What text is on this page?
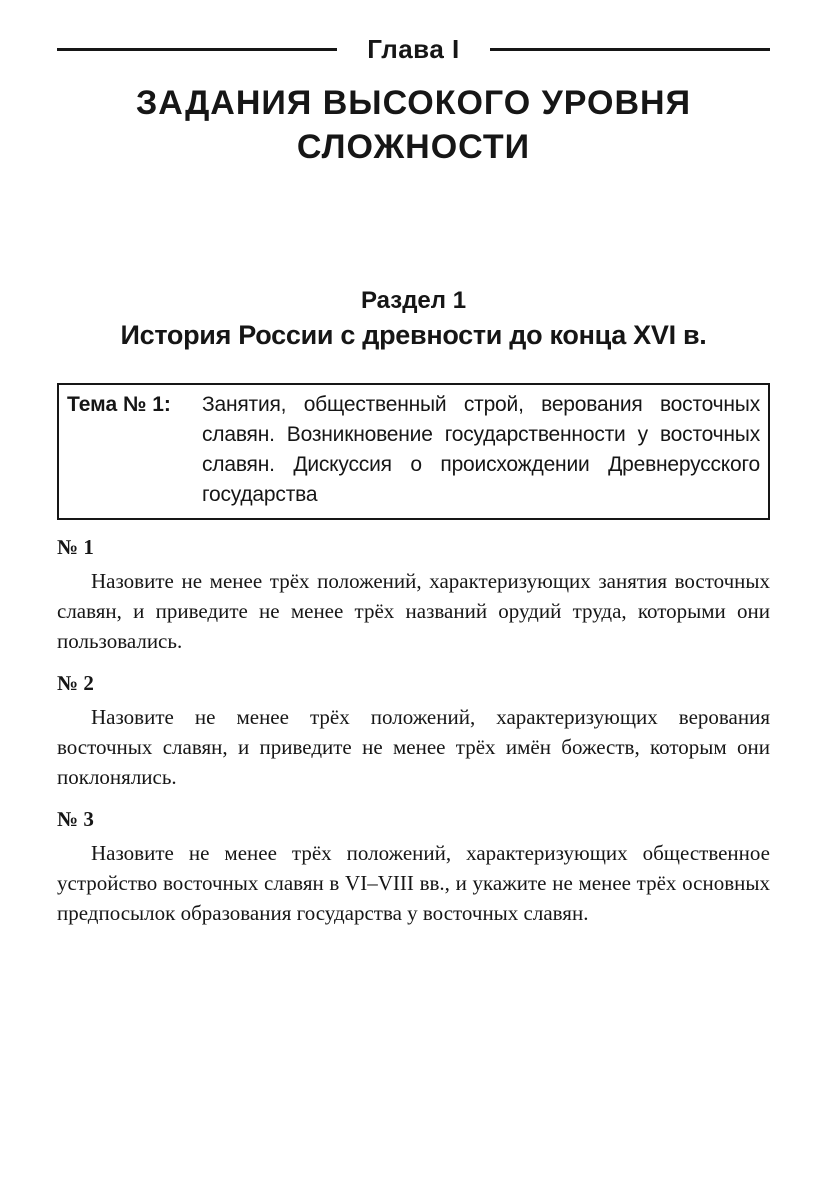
Глава I
ЗАДАНИЯ ВЫСОКОГО УРОВНЯ
СЛОЖНОСТИ
Раздел 1
История России с древности до конца XVI в.
Тема № 1:	Занятия, общественный строй, верования восточных славян. Возникновение государственности у восточных славян. Дискуссия о происхождении Древнерусского государства
№ 1

Назовите не менее трёх положений, характеризующих занятия восточных славян, и приведите не менее трёх названий орудий труда, которыми они пользовались.

№ 2

Назовите не менее трёх положений, характеризующих верования восточных славян, и приведите не менее трёх имён божеств, которым они поклонялись.

№ 3

Назовите не менее трёх положений, характеризующих общественное устройство восточных славян в VI–VIII вв., и укажите не менее трёх основных предпосылок образования государства у восточных славян.
